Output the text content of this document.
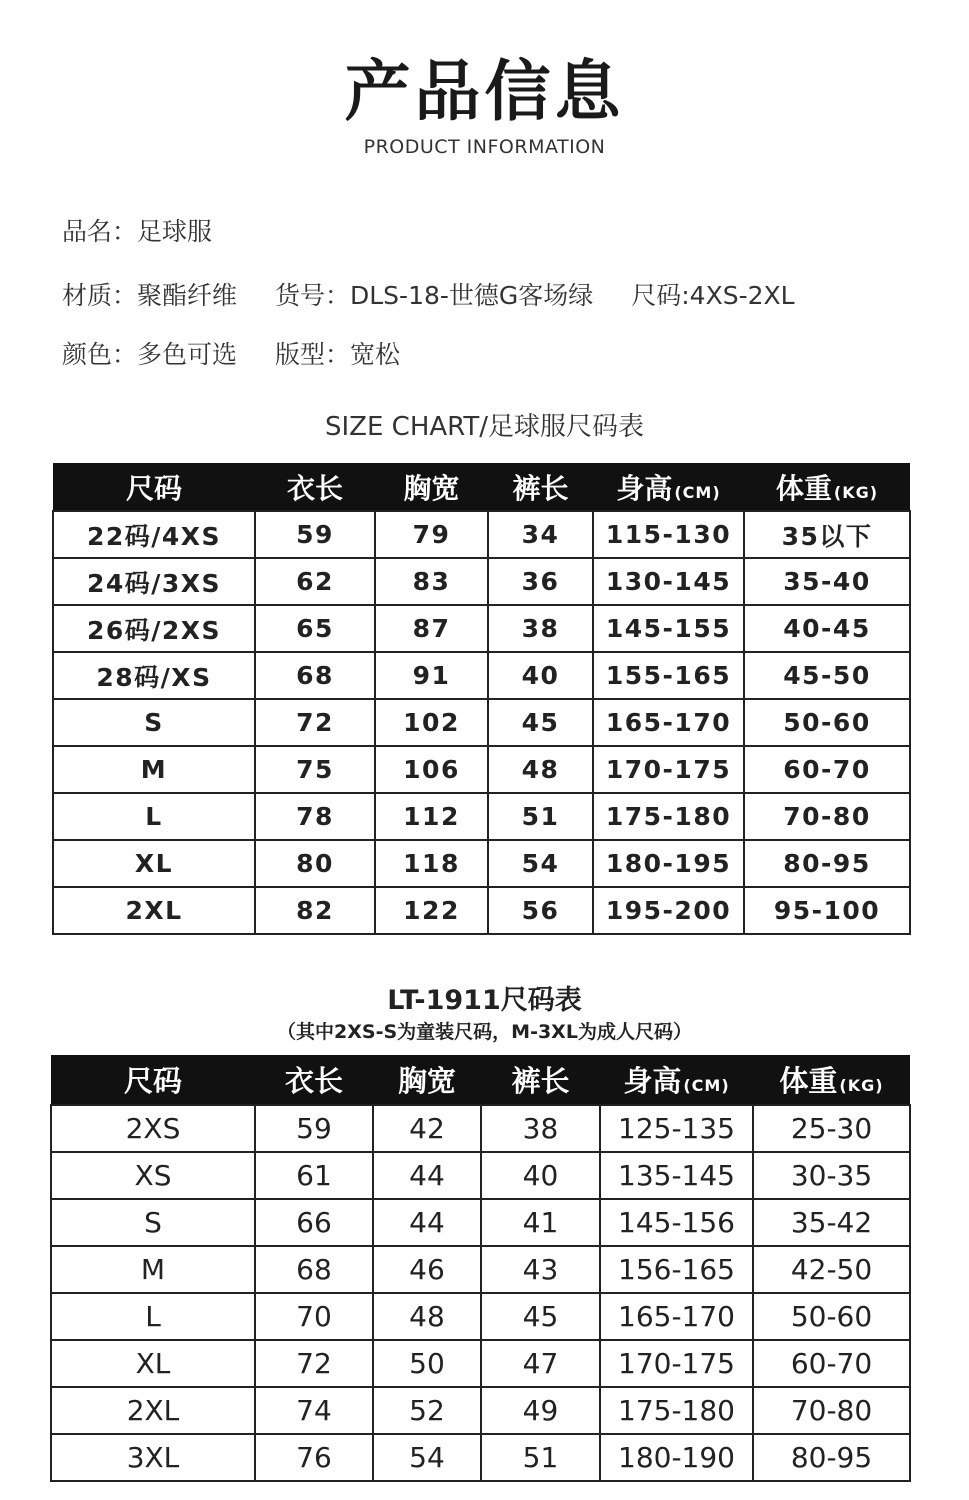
产品信息
PRODUCT INFORMATION
品名：足球服
材质：聚酯纤维 货号：DLS-18-世德G客场绿 尺码:4XS-2XL
颜色：多色可选 版型：宽松
SIZE CHART/足球服尺码表
尺码	衣长	胸宽	裤长	身高 (CM)	体重 (KG)
22码/4XS	59	79	34	115-130	35以下
24码/3XS	62	83	36	130-145	35-40
26码/2XS	65	87	38	145-155	40-45
28码/XS	68	91	40	155-165	45-50
S	72	102	45	165-170	50-60
M	75	106	48	170-175	60-70
L	78	112	51	175-180	70-80
XL	80	118	54	180-195	80-95
2XL	82	122	56	195-200	95-100
LT-1911尺码表
（其中2XS-S为童装尺码，M-3XL为成人尺码）
尺码	衣长	胸宽	裤长	身高 (CM)	体重 (KG)
2XS	59	42	38	125-135	25-30
XS	61	44	40	135-145	30-35
S	66	44	41	145-156	35-42
M	68	46	43	156-165	42-50
L	70	48	45	165-170	50-60
XL	72	50	47	170-175	60-70
2XL	74	52	49	175-180	70-80
3XL	76	54	51	180-190	80-95
